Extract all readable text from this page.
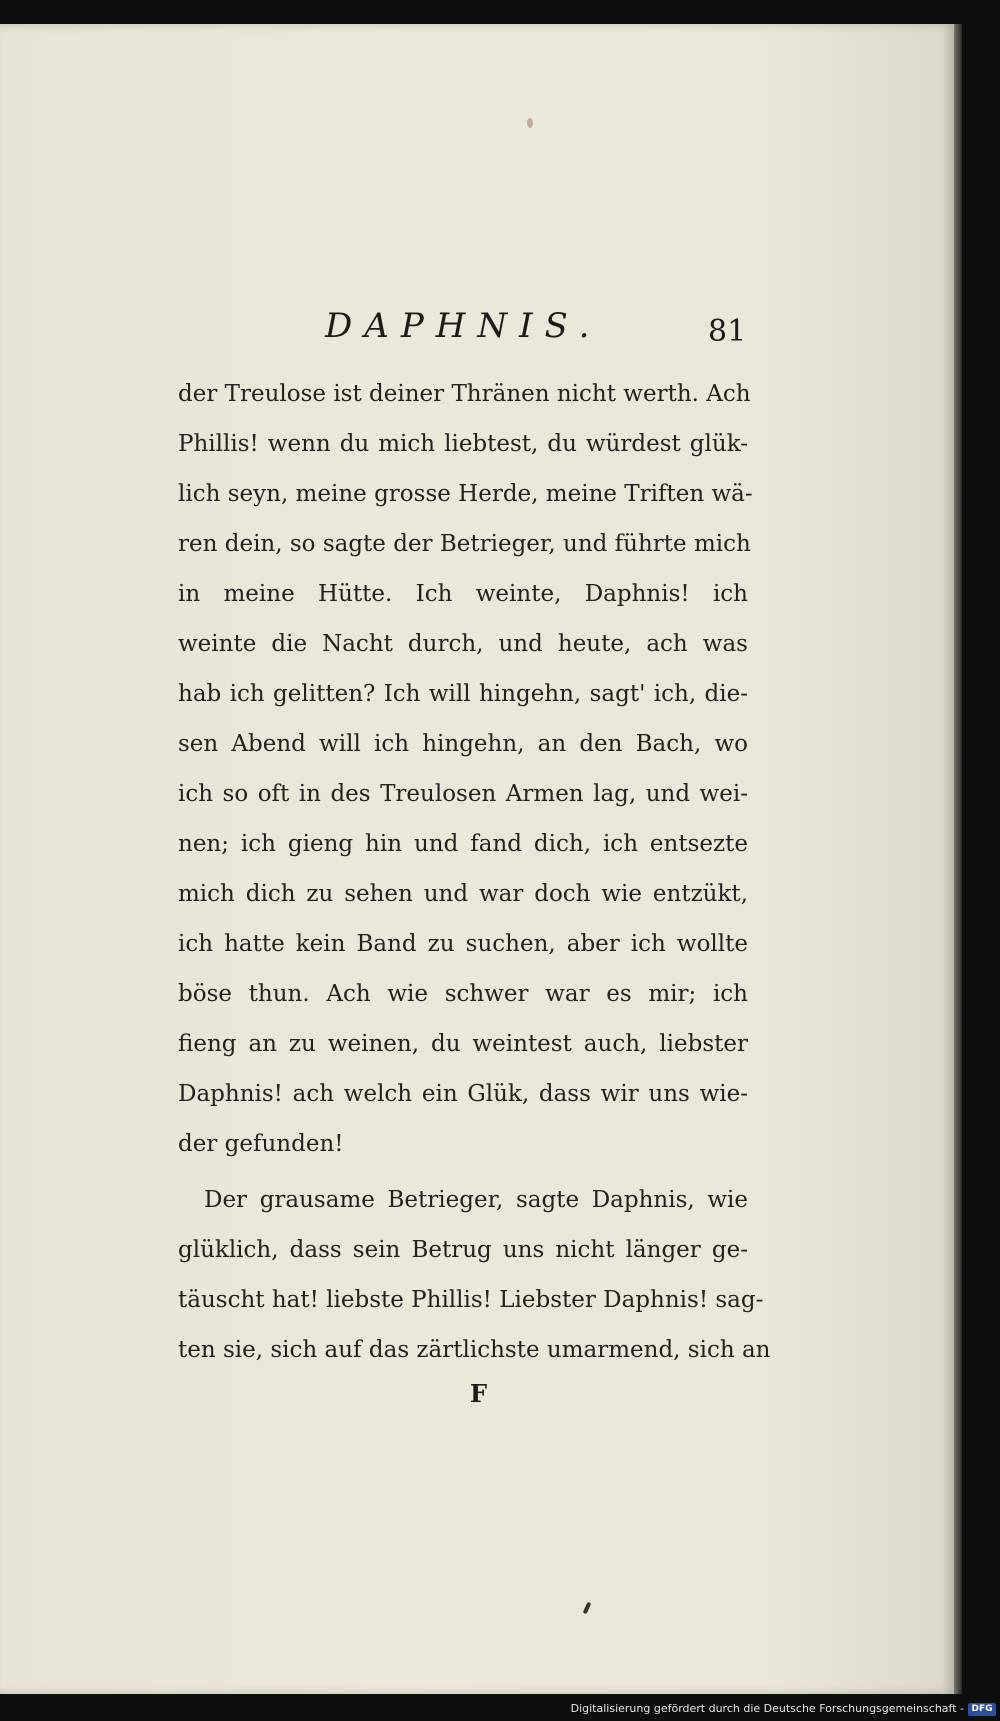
DAPHNIS.	81
der Treulose ist deiner Thränen nicht werth. Ach
Phillis! wenn du mich liebtest, du würdest glük-
lich seyn, meine grosse Herde, meine Triften wä-
ren dein, so sagte der Betrieger, und führte mich
in meine Hütte. Ich weinte, Daphnis! ich
weinte die Nacht durch, und heute, ach was
hab ich gelitten? Ich will hingehn, sagt' ich, die-
sen Abend will ich hingehn, an den Bach, wo
ich so oft in des Treulosen Armen lag, und wei-
nen; ich gieng hin und fand dich, ich entsezte
mich dich zu sehen und war doch wie entzükt,
ich hatte kein Band zu suchen, aber ich wollte
böse thun. Ach wie schwer war es mir; ich
fieng an zu weinen, du weintest auch, liebster
Daphnis! ach welch ein Glük, dass wir uns wie-
der gefunden!
Der grausame Betrieger, sagte Daphnis, wie
glüklich, dass sein Betrug uns nicht länger ge-
täuscht hat! liebste Phillis! Liebster Daphnis! sag-
ten sie, sich auf das zärtlichste umarmend, sich an
F
Digitalisierung gefördert durch die Deutsche Forschungsgemeinschaft - DFG
